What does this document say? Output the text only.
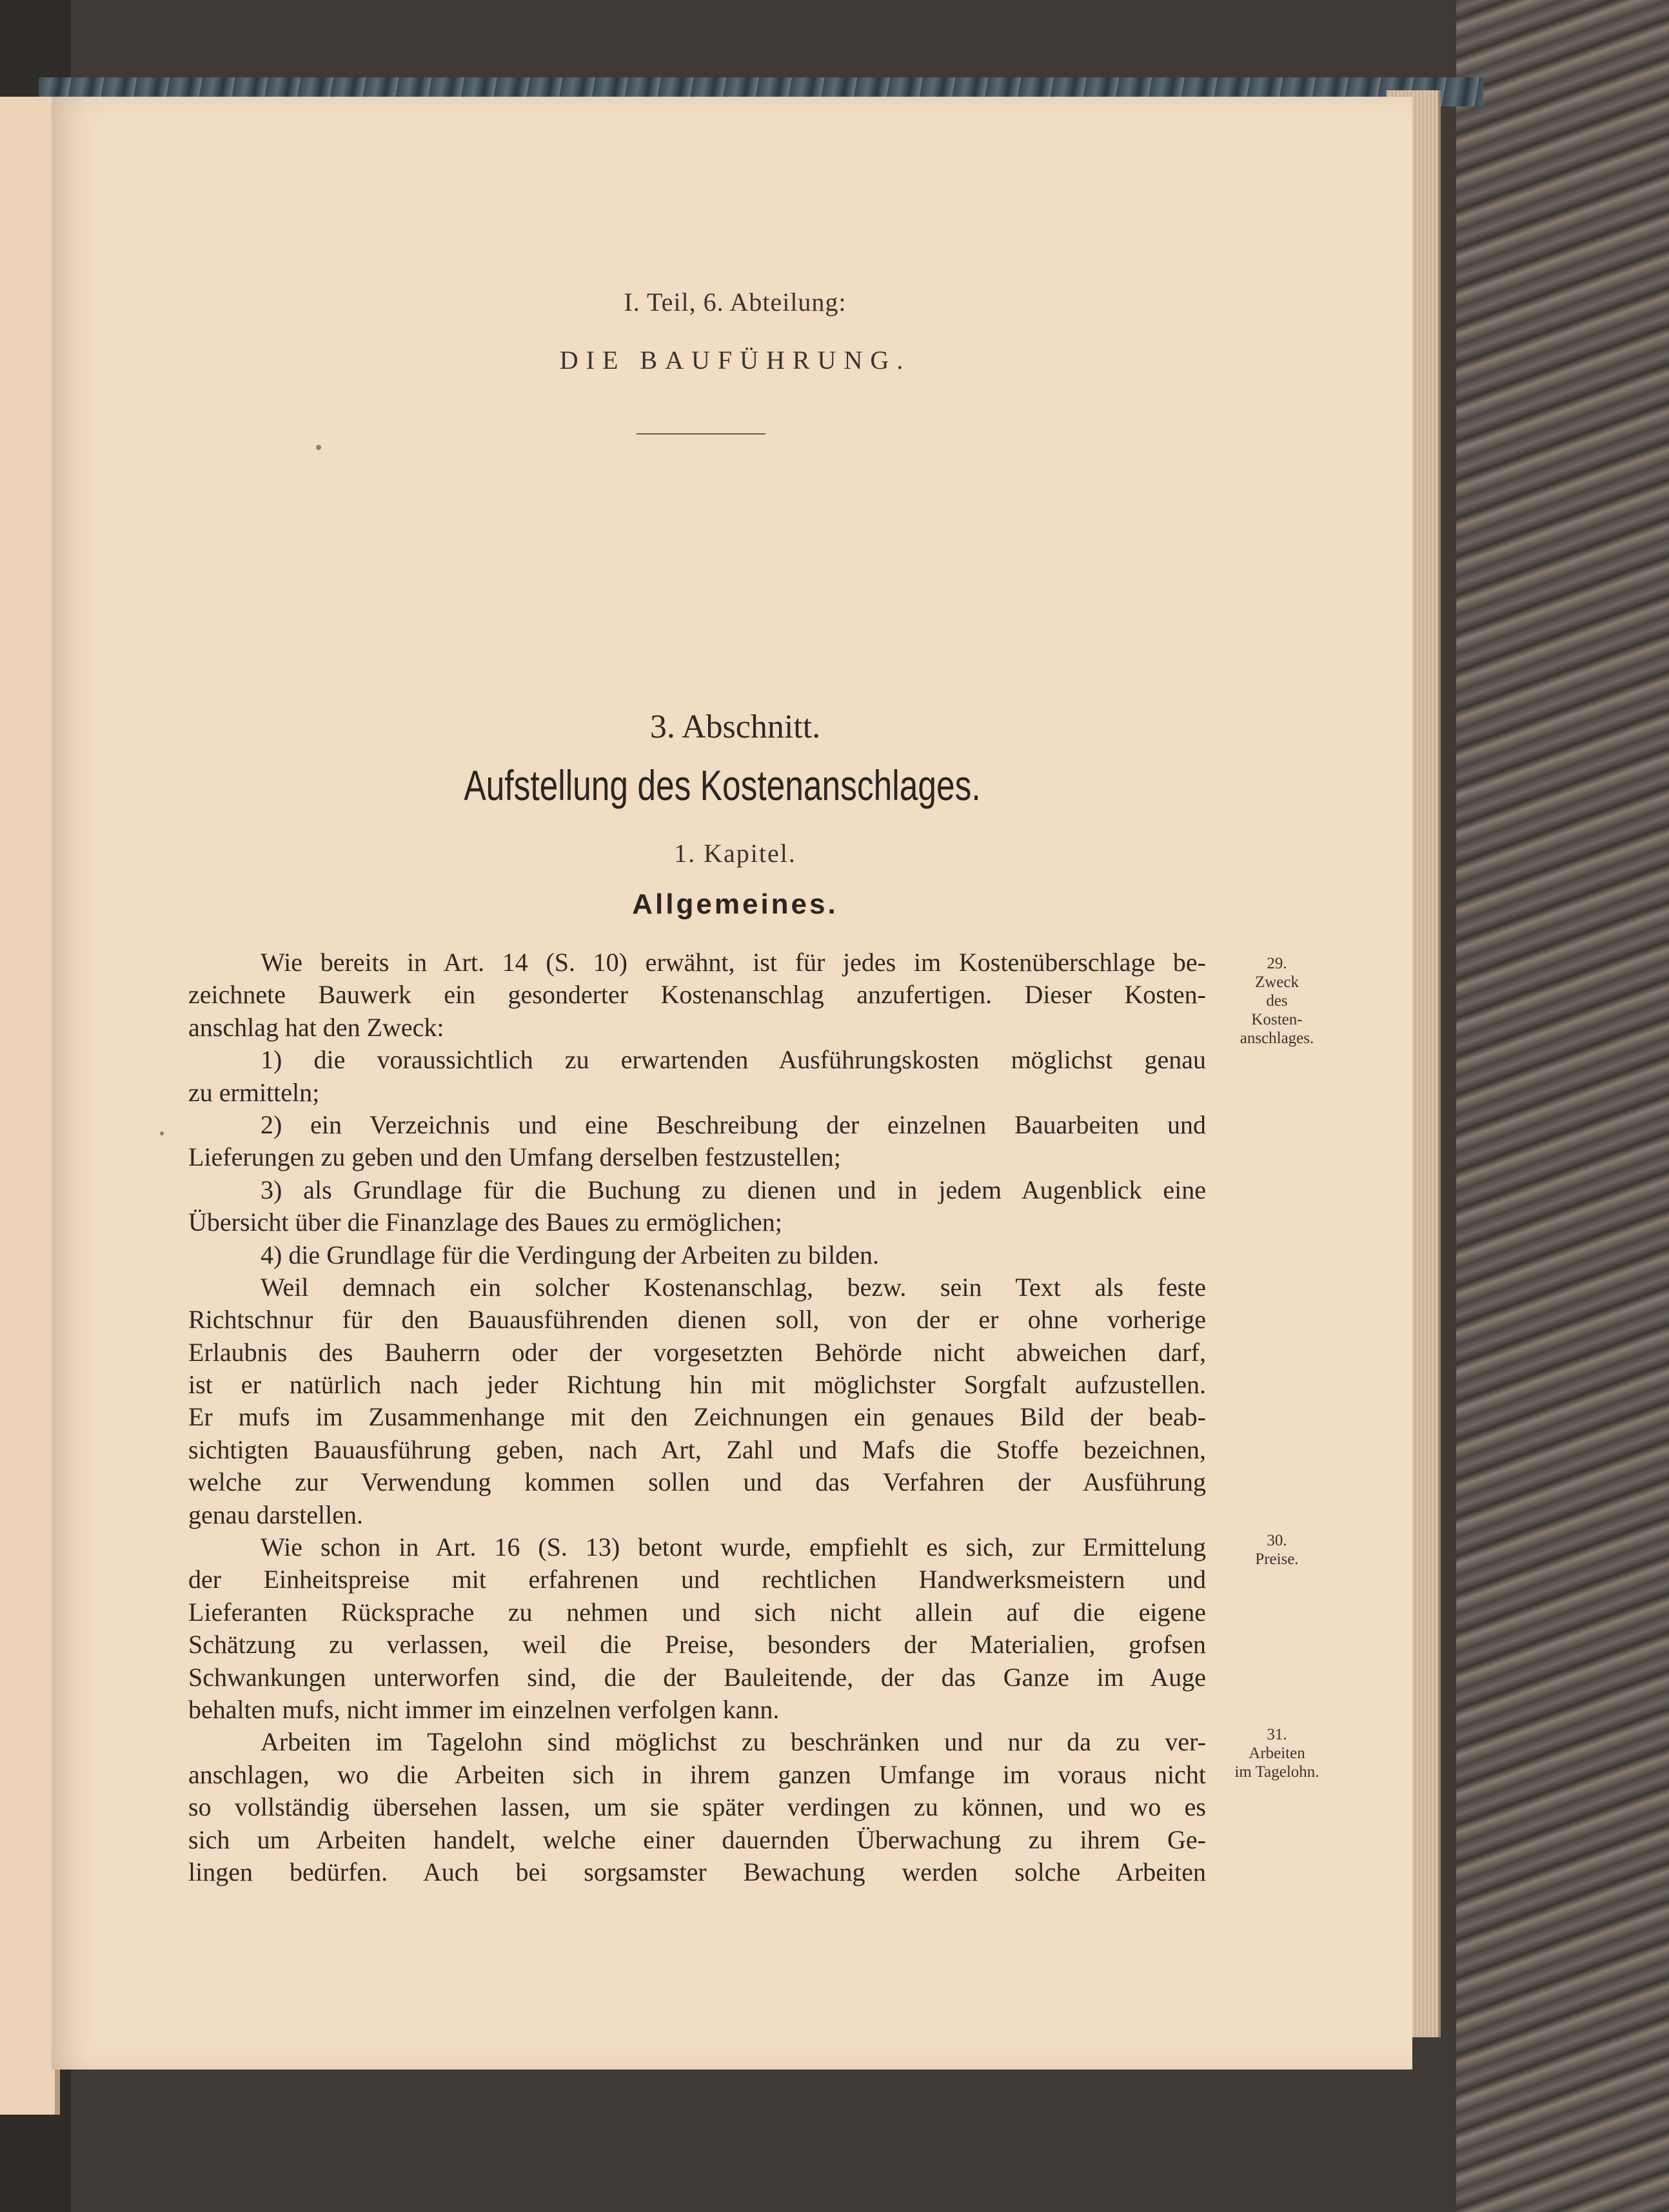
I. Teil, 6. Abteilung:
DIE BAUFÜHRUNG.
3. Abschnitt.
Aufstellung des Kostenanschlages.
1. Kapitel.
Allgemeines.
Wie bereits in Art. 14 (S. 10) erwähnt, ist für jedes im Kostenüberschlage be-
zeichnete Bauwerk ein gesonderter Kostenanschlag anzufertigen. Dieser Kosten-
anschlag hat den Zweck:
1) die voraussichtlich zu erwartenden Ausführungskosten möglichst genau
zu ermitteln;
2) ein Verzeichnis und eine Beschreibung der einzelnen Bauarbeiten und
Lieferungen zu geben und den Umfang derselben festzustellen;
3) als Grundlage für die Buchung zu dienen und in jedem Augenblick eine
Übersicht über die Finanzlage des Baues zu ermöglichen;
4) die Grundlage für die Verdingung der Arbeiten zu bilden.
Weil demnach ein solcher Kostenanschlag, bezw. sein Text als feste
Richtschnur für den Bauausführenden dienen soll, von der er ohne vorherige
Erlaubnis des Bauherrn oder der vorgesetzten Behörde nicht abweichen darf,
ist er natürlich nach jeder Richtung hin mit möglichster Sorgfalt aufzustellen.
Er mufs im Zusammenhange mit den Zeichnungen ein genaues Bild der beab-
sichtigten Bauausführung geben, nach Art, Zahl und Mafs die Stoffe bezeichnen,
welche zur Verwendung kommen sollen und das Verfahren der Ausführung
genau darstellen.
Wie schon in Art. 16 (S. 13) betont wurde, empfiehlt es sich, zur Ermittelung
der Einheitspreise mit erfahrenen und rechtlichen Handwerksmeistern und
Lieferanten Rücksprache zu nehmen und sich nicht allein auf die eigene
Schätzung zu verlassen, weil die Preise, besonders der Materialien, grofsen
Schwankungen unterworfen sind, die der Bauleitende, der das Ganze im Auge
behalten mufs, nicht immer im einzelnen verfolgen kann.
Arbeiten im Tagelohn sind möglichst zu beschränken und nur da zu ver-
anschlagen, wo die Arbeiten sich in ihrem ganzen Umfange im voraus nicht
so vollständig übersehen lassen, um sie später verdingen zu können, und wo es
sich um Arbeiten handelt, welche einer dauernden Überwachung zu ihrem Ge-
lingen bedürfen. Auch bei sorgsamster Bewachung werden solche Arbeiten
29.
Zweck
des
Kosten-
anschlages.
30.
Preise.
31.
Arbeiten
im Tagelohn.
